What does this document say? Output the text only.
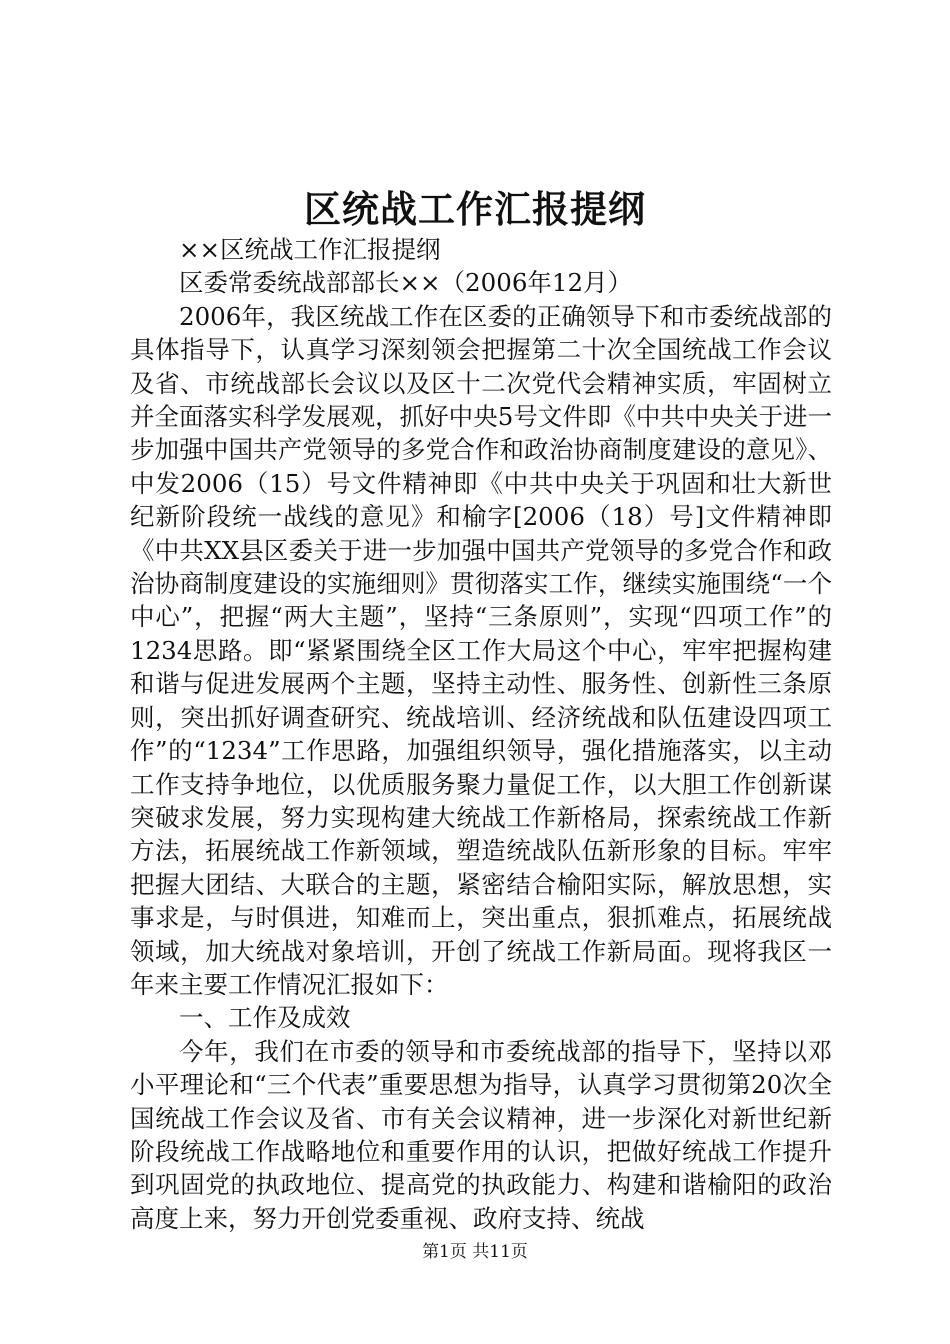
区统战工作汇报提纲

××区统战工作汇报提纲

区委常委统战部部长××（2006年12月）

2006年，我区统战工作在区委的正确领导下和市委统战部的具体指导下，认真学习深刻领会把握第二十次全国统战工作会议及省、市统战部长会议以及区十二次党代会精神实质，牢固树立并全面落实科学发展观，抓好中央5号文件即《中共中央关于进一步加强中国共产党领导的多党合作和政治协商制度建设的意见》、中发2006（15）号文件精神即《中共中央关于巩固和壮大新世纪新阶段统一战线的意见》和榆字[2006（18）号]文件精神即《中共XX县区委关于进一步加强中国共产党领导的多党合作和政治协商制度建设的实施细则》贯彻落实工作，继续实施围绕“一个中心”，把握“两大主题”，坚持“三条原则”，实现“四项工作”的1234思路。即“紧紧围绕全区工作大局这个中心，牢牢把握构建和谐与促进发展两个主题，坚持主动性、服务性、创新性三条原则，突出抓好调查研究、统战培训、经济统战和队伍建设四项工作”的“1234”工作思路，加强组织领导，强化措施落实，以主动工作支持争地位，以优质服务聚力量促工作，以大胆工作创新谋突破求发展，努力实现构建大统战工作新格局，探索统战工作新方法，拓展统战工作新领域，塑造统战队伍新形象的目标。牢牢把握大团结、大联合的主题，紧密结合榆阳实际，解放思想，实事求是，与时俱进，知难而上，突出重点，狠抓难点，拓展统战领域，加大统战对象培训，开创了统战工作新局面。现将我区一年来主要工作情况汇报如下：

一、工作及成效

今年，我们在市委的领导和市委统战部的指导下，坚持以邓小平理论和“三个代表”重要思想为指导，认真学习贯彻第20次全国统战工作会议及省、市有关会议精神，进一步深化对新世纪新阶段统战工作战略地位和重要作用的认识，把做好统战工作提升到巩固党的执政地位、提高党的执政能力、构建和谐榆阳的政治高度上来，努力开创党委重视、政府支持、统战

第1页 共11页
